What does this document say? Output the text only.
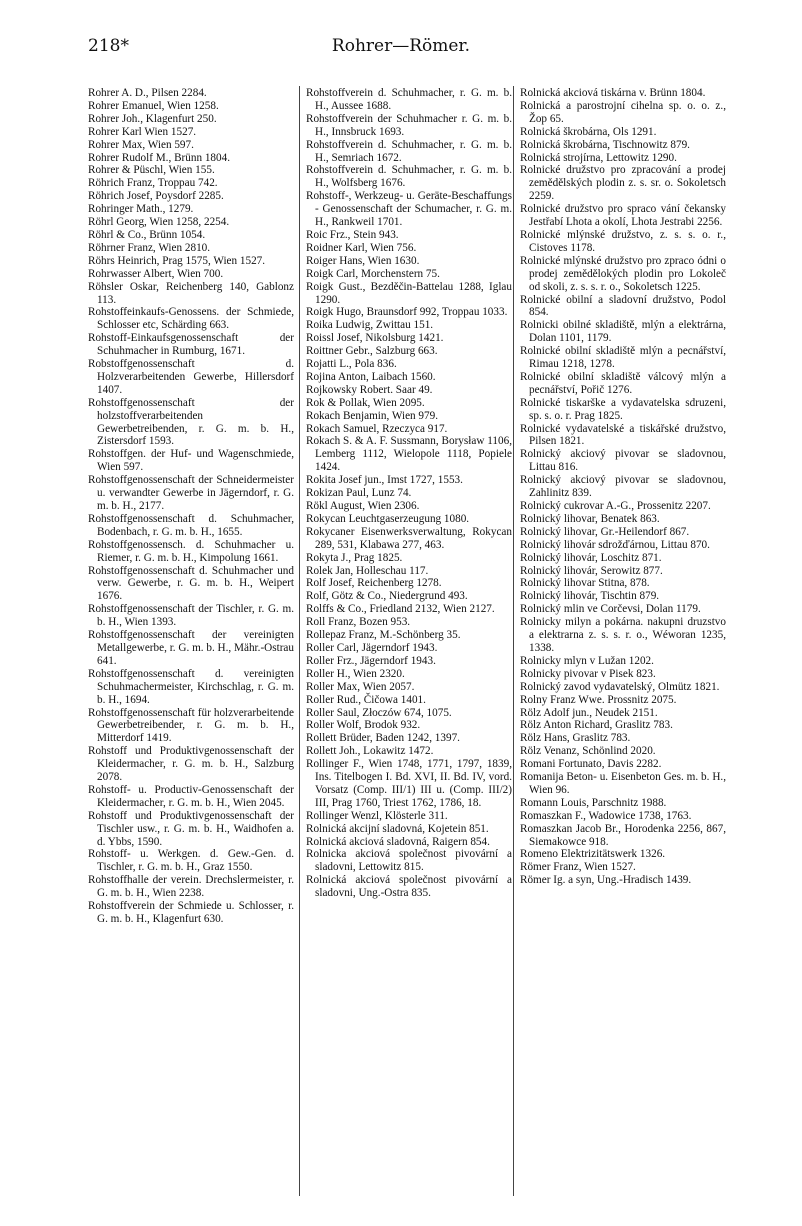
218*	Rohrer—Römer.

Rohrer A. D., Pilsen 2284.

Rohrer Emanuel, Wien 1258.

Rohrer Joh., Klagenfurt 250.

Rohrer Karl Wien 1527.

Rohrer Max, Wien 597.

Rohrer Rudolf M., Brünn 1804.

Rohrer & Püschl, Wien 155.

Röhrich Franz, Troppau 742.

Röhrich Josef, Poysdorf 2285.

Rohringer Math., 1279.

Röhrl Georg, Wien 1258, 2254.

Röhrl & Co., Brünn 1054.

Röhrner Franz, Wien 2810.

Röhrs Heinrich, Prag 1575, Wien 1527.

Rohrwasser Albert, Wien 700.

Röhsler Oskar, Reichenberg 140, Gablonz 113.

Rohstoffeinkaufs-Genossens. der Schmiede, Schlosser etc, Schärding 663.

Rohstoff-Einkaufsgenossenschaft der Schuhmacher in Rumburg, 1671.

Robstoffgenossenschaft d. Holzverarbeitenden Gewerbe, Hillersdorf 1407.

Rohstoffgenossenschaft der holzstoffverarbeitenden Gewerbetreibenden, r. G. m. b. H., Zistersdorf 1593.

Rohstoffgen. der Huf- und Wagenschmiede, Wien 597.

Rohstoffgenossenschaft der Schneidermeister u. verwandter Gewerbe in Jägerndorf, r. G. m. b. H., 2177.

Rohstoffgenossenschaft d. Schuhmacher, Bodenbach, r. G. m. b. H., 1655.

Rohstoffgenossensch. d. Schuhmacher u. Riemer, r. G. m. b. H., Kimpolung 1661.

Rohstoffgenossenschaft d. Schuhmacher und verw. Gewerbe, r. G. m. b. H., Weipert 1676.

Rohstoffgenossenschaft der Tischler, r. G. m. b. H., Wien 1393.

Rohstoffgenossenschaft der vereinigten Metallgewerbe, r. G. m. b. H., Mähr.-Ostrau 641.

Rohstoffgenossenschaft d. vereinigten Schuhmachermeister, Kirchschlag, r. G. m. b. H., 1694.

Rohstoffgenossenschaft für holzverarbeitende Gewerbetreibender, r. G. m. b. H., Mitterdorf 1419.

Rohstoff und Produktivgenossenschaft der Kleidermacher, r. G. m. b. H., Salzburg 2078.

Rohstoff- u. Productiv-Genossenschaft der Kleidermacher, r. G. m. b. H., Wien 2045.

Rohstoff und Produktivgenossenschaft der Tischler usw., r. G. m. b. H., Waidhofen a. d. Ybbs, 1590.

Rohstoff- u. Werkgen. d. Gew.-Gen. d. Tischler, r. G. m. b. H., Graz 1550.

Rohstoffhalle der verein. Drechslermeister, r. G. m. b. H., Wien 2238.

Rohstoffverein der Schmiede u. Schlosser, r. G. m. b. H., Klagenfurt 630.

Rohstoffverein d. Schuhmacher, r. G. m. b. H., Aussee 1688.

Rohstoffverein der Schuhmacher r. G. m. b. H., Innsbruck 1693.

Rohstoffverein d. Schuhmacher, r. G. m. b. H., Semriach 1672.

Rohstoffverein d. Schuhmacher, r. G. m. b. H., Wolfsberg 1676.

Rohstoff-, Werkzeug- u. Geräte-Beschaffungs - Genossenschaft der Schumacher, r. G. m. H., Rankweil 1701.

Roic Frz., Stein 943.

Roidner Karl, Wien 756.

Roiger Hans, Wien 1630.

Roigk Carl, Morchenstern 75.

Roigk Gust., Bezděčin-Battelau 1288, Iglau 1290.

Roigk Hugo, Braunsdorf 992, Troppau 1033.

Roika Ludwig, Zwittau 151.

Roissl Josef, Nikolsburg 1421.

Roittner Gebr., Salzburg 663.

Rojatti L., Pola 836.

Rojina Anton, Laibach 1560.

Rojkowsky Robert. Saar 49.

Rok & Pollak, Wien 2095.

Rokach Benjamin, Wien 979.

Rokach Samuel, Rzeczyca 917.

Rokach S. & A. F. Sussmann, Borysław 1106, Lemberg 1112, Wielopole 1118, Popiele 1424.

Rokita Josef jun., Imst 1727, 1553.

Rokizan Paul, Lunz 74.

Rökl August, Wien 2306.

Rokycan Leuchtgaserzeugung 1080.

Rokycaner Eisenwerksverwaltung, Rokycan 289, 531, Klabawa 277, 463.

Rokyta J., Prag 1825.

Rolek Jan, Holleschau 117.

Rolf Josef, Reichenberg 1278.

Rolf, Götz & Co., Niedergrund 493.

Rolffs & Co., Friedland 2132, Wien 2127.

Roll Franz, Bozen 953.

Rollepaz Franz, M.-Schönberg 35.

Roller Carl, Jägerndorf 1943.

Roller Frz., Jägerndorf 1943.

Roller H., Wien 2320.

Roller Max, Wien 2057.

Roller Rud., Čičowa 1401.

Roller Saul, Złoczów 674, 1075.

Roller Wolf, Brodok 932.

Rollett Brüder, Baden 1242, 1397.

Rollett Joh., Lokawitz 1472.

Rollinger F., Wien 1748, 1771, 1797, 1839, Ins. Titelbogen I. Bd. XVI, II. Bd. IV, vord. Vorsatz (Comp. III/1) III u. (Comp. III/2) III, Prag 1760, Triest 1762, 1786, 18.

Rollinger Wenzl, Klösterle 311.

Rolnická akcijní sladovná, Kojetein 851.

Rolnická akciová sladovná, Raigern 854.

Rolnicka akciová společnost pivovární a sladovni, Lettowitz 815.

Rolnická akciová společnost pivovární a sladovni, Ung.-Ostra 835.

Rolnická akciová tiskárna v. Brünn 1804.

Rolnická a parostrojní cihelna sp. o. o. z., Žop 65.

Rolnická škrobárna, Ols 1291.

Rolnická škrobárna, Tischnowitz 879.

Rolnická strojírna, Lettowitz 1290.

Rolnické družstvo pro zpracování a prodej zemědělských plodin z. s. sr. o. Sokoletsch 2259.

Rolnické družstvo pro spraco vání čekansky Jestřabí Lhota a okolí, Lhota Jestrabi 2256.

Rolnické mlýnské družstvo, z. s. s. o. r., Cistoves 1178.

Rolnické mlýnské družstvo pro zpraco ódni o prodej zemědělokých plodin pro Lokoleč od skoli, z. s. s. r. o., Sokoletsch 1225.

Rolnické obilní a sladovní družstvo, Podol 854.

Rolnicki obilné skladiště, mlýn a elektrárna, Dolan 1101, 1179.

Rolnické obilní skladiště mlýn a pecnářství, Rimau 1218, 1278.

Rolnické obilní skladiště válcový mlýn a pecnářství, Pořič 1276.

Rolnické tiskarške a vydavatelska sdruzeni, sp. s. o. r. Prag 1825.

Rolnické vydavatelské a tiskářské družstvo, Pilsen 1821.

Rolnický akciový pivovar se sladovnou, Littau 816.

Rolnický akciový pivovar se sladovnou, Zahlinitz 839.

Rolnický cukrovar A.-G., Prossenitz 2207.

Rolnický lihovar, Benatek 863.

Rolnický lihovar, Gr.-Heilendorf 867.

Rolnický lihovár sdrožďárnou, Littau 870.

Rolnický lihovár, Loschitz 871.

Rolnický lihovár, Serowitz 877.

Rolnický lihovar Stitna, 878.

Rolnický lihovár, Tischtin 879.

Rolnický mlin ve Corčevsi, Dolan 1179.

Rolnicky milyn a pokárna. nakupni druzstvo a elektrarna z. s. s. r. o., Wéworan 1235, 1338.

Rolnicky mlyn v Lužan 1202.

Rolnicky pivovar v Pisek 823.

Rolnický zavod vydavatelský, Olmütz 1821.

Rolny Franz Wwe. Prossnitz 2075.

Rölz Adolf jun., Neudek 2151.

Rölz Anton Richard, Graslitz 783.

Rölz Hans, Graslitz 783.

Rölz Venanz, Schönlind 2020.

Romani Fortunato, Davis 2282.

Romanija Beton- u. Eisenbeton Ges. m. b. H., Wien 96.

Romann Louis, Parschnitz 1988.

Romaszkan F., Wadowice 1738, 1763.

Romaszkan Jacob Br., Horodenka 2256, 867, Siemakowce 918.

Romeno Elektrizitätswerk 1326.

Römer Franz, Wien 1527.

Römer Ig. a syn, Ung.-Hradisch 1439.
